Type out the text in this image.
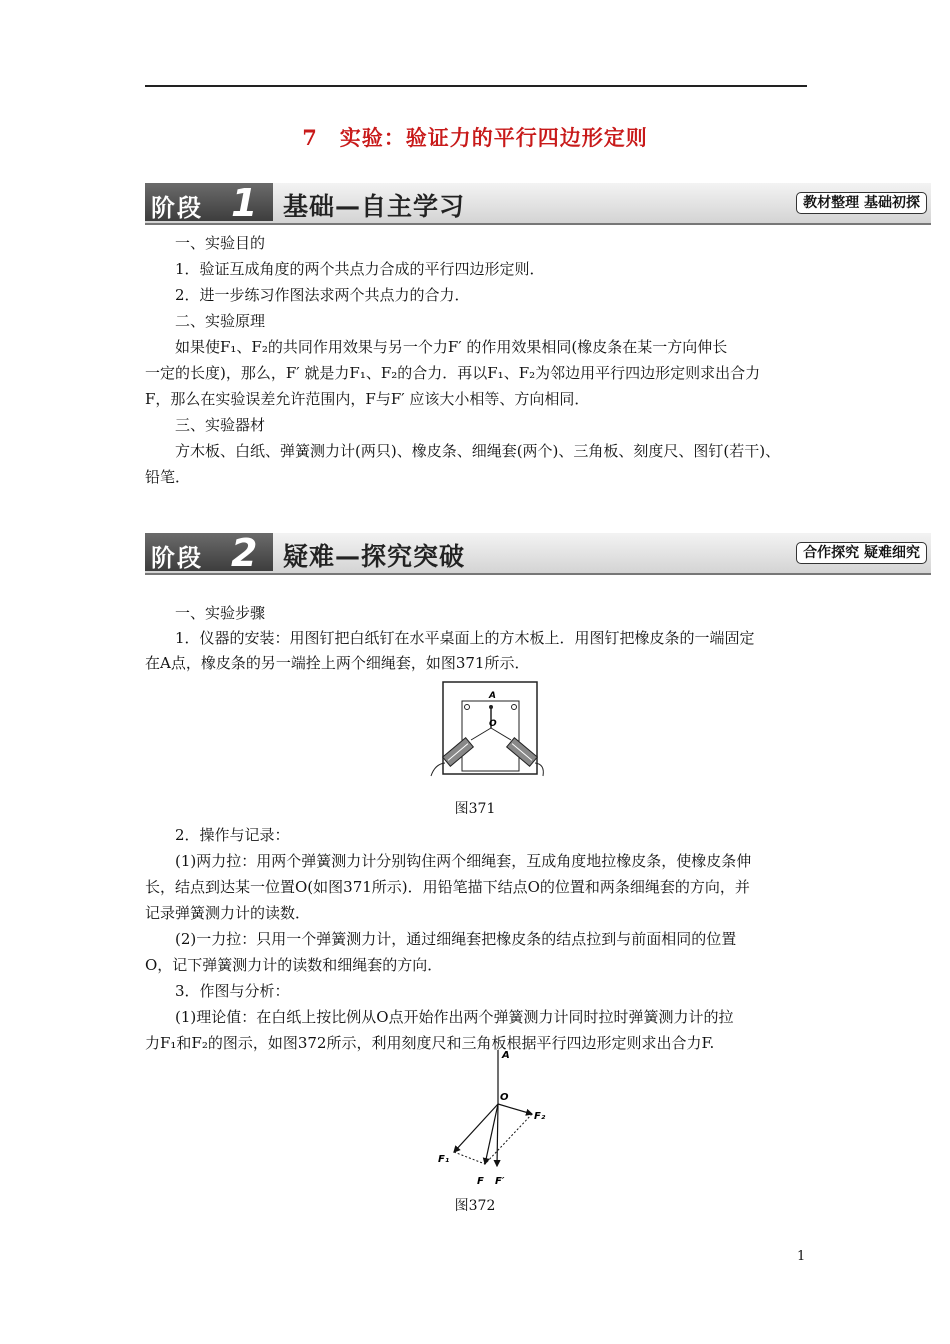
7　实验：验证力的平行四边形定则
阶段 1 基础—自主学习	教材整理 基础初探
一、实验目的
1．验证互成角度的两个共点力合成的平行四边形定则．
2．进一步练习作图法求两个共点力的合力．
二、实验原理
如果使F₁、F₂的共同作用效果与另一个力F′ 的作用效果相同(橡皮条在某一方向伸长
一定的长度)，那么，F′ 就是力F₁、F₂的合力．再以F₁、F₂为邻边用平行四边形定则求出合力
F，那么在实验误差允许范围内，F与F′ 应该大小相等、方向相同．
三、实验器材
方木板、白纸、弹簧测力计(两只)、橡皮条、细绳套(两个)、三角板、刻度尺、图钉(若干)、
铅笔．
阶段 2 疑难—探究突破	合作探究 疑难细究
一、实验步骤
1．仪器的安装：用图钉把白纸钉在水平桌面上的方木板上．用图钉把橡皮条的一端固定
在A点，橡皮条的另一端拴上两个细绳套，如图371所示．
A
O
图371
2．操作与记录：
(1)两力拉：用两个弹簧测力计分别钩住两个细绳套，互成角度地拉橡皮条，使橡皮条伸
长，结点到达某一位置O(如图371所示)．用铅笔描下结点O的位置和两条细绳套的方向，并
记录弹簧测力计的读数．
(2)一力拉：只用一个弹簧测力计，通过细绳套把橡皮条的结点拉到与前面相同的位置
O，记下弹簧测力计的读数和细绳套的方向．
3．作图与分析：
(1)理论值：在白纸上按比例从O点开始作出两个弹簧测力计同时拉时弹簧测力计的拉
力F₁和F₂的图示，如图372所示，利用刻度尺和三角板根据平行四边形定则求出合力F.
A
O
F₁
F₂
F F′
图372
1
